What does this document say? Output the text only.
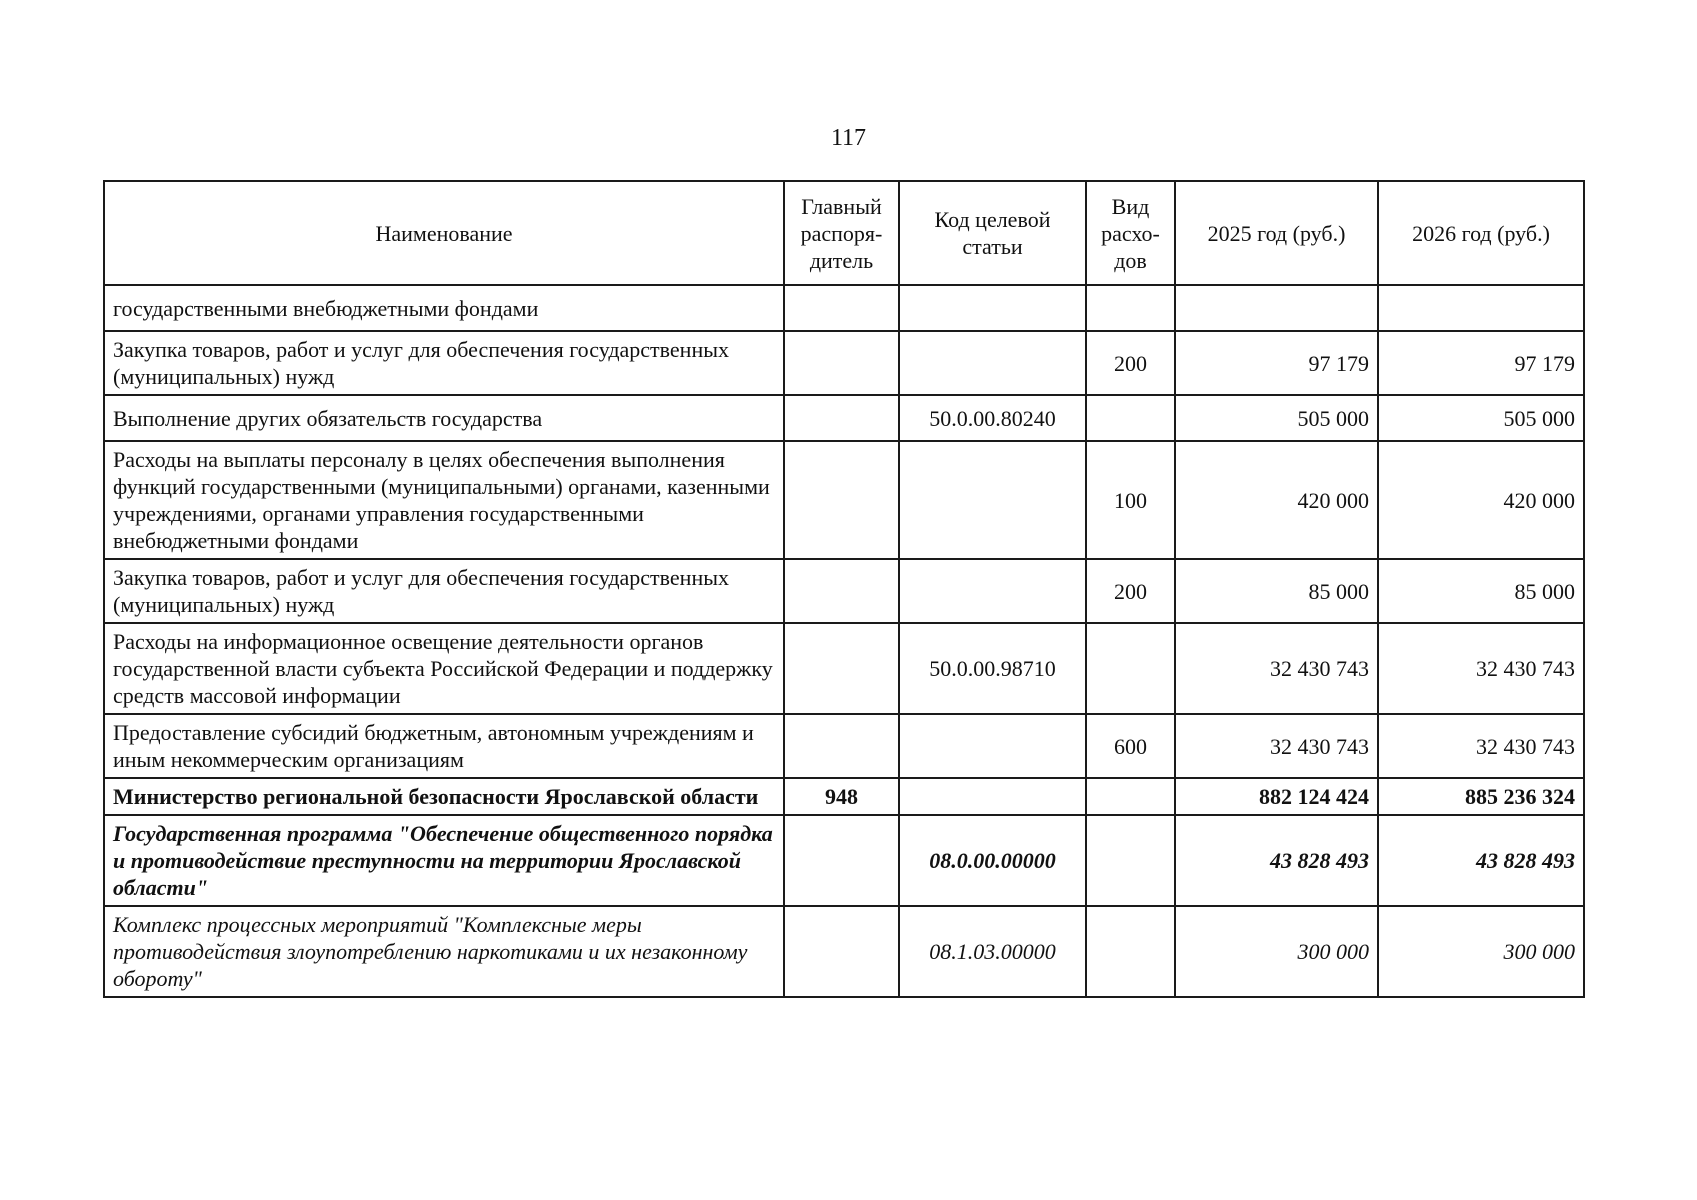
117
Наименование	Главный распоря-дитель	Код целевой статьи	Вид расхо-дов	2025 год (руб.)	2026 год (руб.)
государственными внебюджетными фондами					
Закупка товаров, работ и услуг для обеспечения государственных (муниципальных) нужд			200	97 179	97 179
Выполнение других обязательств государства		50.0.00.80240		505 000	505 000
Расходы на выплаты персоналу в целях обеспечения выполнения функций государственными (муниципальными) органами, казенными учреждениями, органами управления государственными внебюджетными фондами			100	420 000	420 000
Закупка товаров, работ и услуг для обеспечения государственных (муниципальных) нужд			200	85 000	85 000
Расходы на информационное освещение деятельности органов государственной власти субъекта Российской Федерации и поддержку средств массовой информации		50.0.00.98710		32 430 743	32 430 743
Предоставление субсидий бюджетным, автономным учреждениям и иным некоммерческим организациям			600	32 430 743	32 430 743
Министерство региональной безопасности Ярославской области	948			882 124 424	885 236 324
Государственная программа "Обеспечение общественного порядка и противодействие преступности на территории Ярославской области"		08.0.00.00000		43 828 493	43 828 493
Комплекс процессных мероприятий "Комплексные меры противодействия злоупотреблению наркотиками и их незаконному обороту"		08.1.03.00000		300 000	300 000
